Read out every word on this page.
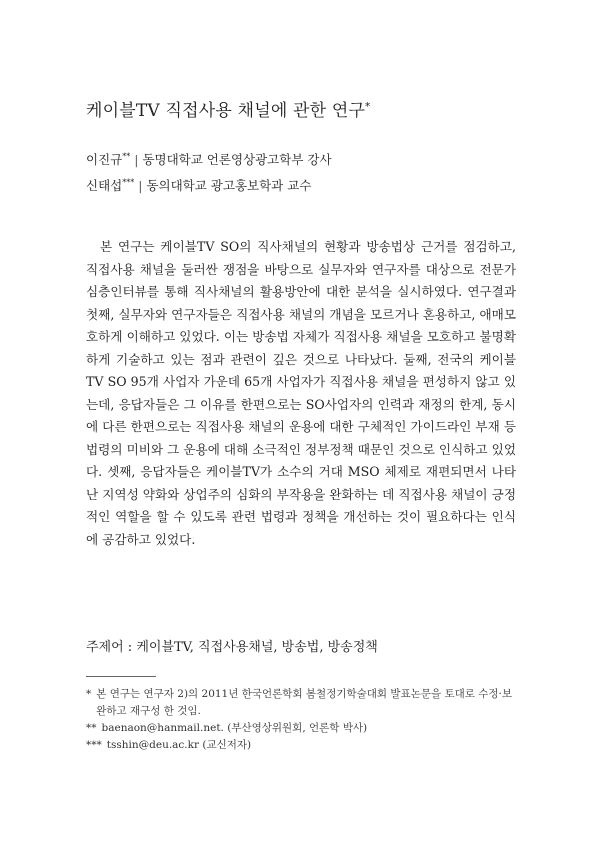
케이블TV 직접사용 채널에 관한 연구*
이진규** | 동명대학교 언론영상광고학부 강사
신태섭*** | 동의대학교 광고홍보학과 교수

본 연구는 케이블TV SO의 직사채널의 현황과 방송법상 근거를 점검하고, 직접사용 채널을 둘러싼 쟁점을 바탕으로 실무자와 연구자를 대상으로 전문가 심층인터뷰를 통해 직사채널의 활용방안에 대한 분석을 실시하였다. 연구결과 첫째, 실무자와 연구자들은 직접사용 채널의 개념을 모르거나 혼용하고, 애매모호하게 이해하고 있었다. 이는 방송법 자체가 직접사용 채널을 모호하고 불명확하게 기술하고 있는 점과 관련이 깊은 것으로 나타났다. 둘째, 전국의 케이블TV SO 95개 사업자 가운데 65개 사업자가 직접사용 채널을 편성하지 않고 있는데, 응답자들은 그 이유를 한편으로는 SO사업자의 인력과 재정의 한계, 동시에 다른 한편으로는 직접사용 채널의 운용에 대한 구체적인 가이드라인 부재 등 법령의 미비와 그 운용에 대해 소극적인 정부정책 때문인 것으로 인식하고 있었다. 셋째, 응답자들은 케이블TV가 소수의 거대 MSO 체제로 재편되면서 나타난 지역성 약화와 상업주의 심화의 부작용을 완화하는 데 직접사용 채널이 긍정적인 역할을 할 수 있도록 관련 법령과 정책을 개선하는 것이 필요하다는 인식에 공감하고 있었다.

주제어 : 케이블TV, 직접사용채널, 방송법, 방송정책
* 본 연구는 연구자 2)의 2011년 한국언론학회 봄철정기학술대회 발표논문을 토대로 수정·보완하고 재구성 한 것임.
** baenaon@hanmail.net. (부산영상위원회, 언론학 박사)
*** tsshin@deu.ac.kr (교신저자)
